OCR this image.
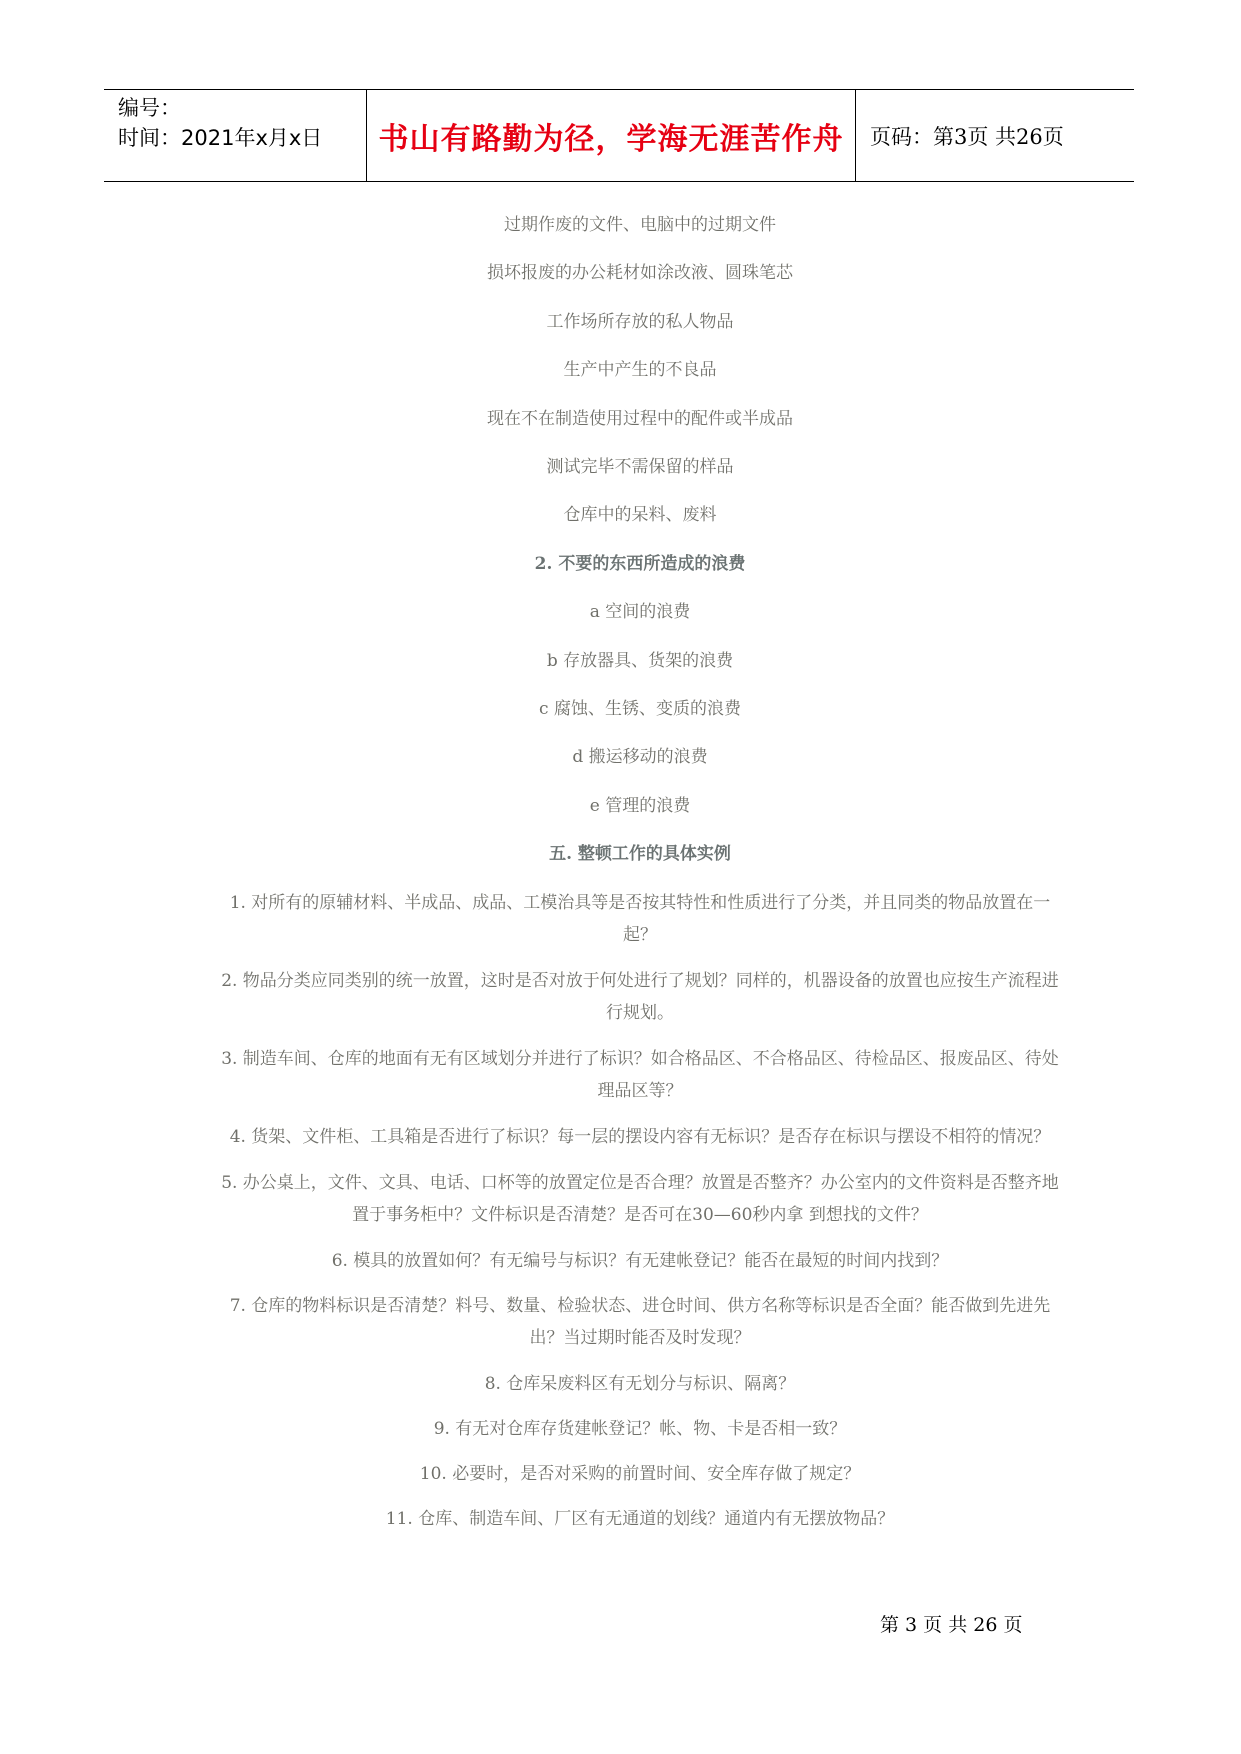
编号：
时间：2021年x月x日	书山有路勤为径，学海无涯苦作舟	页码：第3页 共26页
过期作废的文件、电脑中的过期文件
损坏报废的办公耗材如涂改液、圆珠笔芯
工作场所存放的私人物品
生产中产生的不良品
现在不在制造使用过程中的配件或半成品
测试完毕不需保留的样品
仓库中的呆料、废料
2. 不要的东西所造成的浪费
a 空间的浪费
b 存放器具、货架的浪费
c 腐蚀、生锈、变质的浪费
d 搬运移动的浪费
e 管理的浪费
五. 整顿工作的具体实例
1. 对所有的原辅材料、半成品、成品、工模治具等是否按其特性和性质进行了分类，并且同类的物品放置在一起？
2. 物品分类应同类别的统一放置，这时是否对放于何处进行了规划？同样的，机器设备的放置也应按生产流程进行规划。
3. 制造车间、仓库的地面有无有区域划分并进行了标识？如合格品区、不合格品区、待检品区、报废品区、待处理品区等？
4. 货架、文件柜、工具箱是否进行了标识？每一层的摆设内容有无标识？是否存在标识与摆设不相符的情况？
5. 办公桌上，文件、文具、电话、口杯等的放置定位是否合理？放置是否整齐？办公室内的文件资料是否整齐地置于事务柜中？文件标识是否清楚？是否可在30—60秒内拿 到想找的文件？
6. 模具的放置如何？有无编号与标识？有无建帐登记？能否在最短的时间内找到？
7. 仓库的物料标识是否清楚？料号、数量、检验状态、进仓时间、供方名称等标识是否全面？能否做到先进先出？当过期时能否及时发现？
8. 仓库呆废料区有无划分与标识、隔离？
9. 有无对仓库存货建帐登记？帐、物、卡是否相一致？
10. 必要时，是否对采购的前置时间、安全库存做了规定？
11. 仓库、制造车间、厂区有无通道的划线？通道内有无摆放物品？
第 3 页 共 26 页
